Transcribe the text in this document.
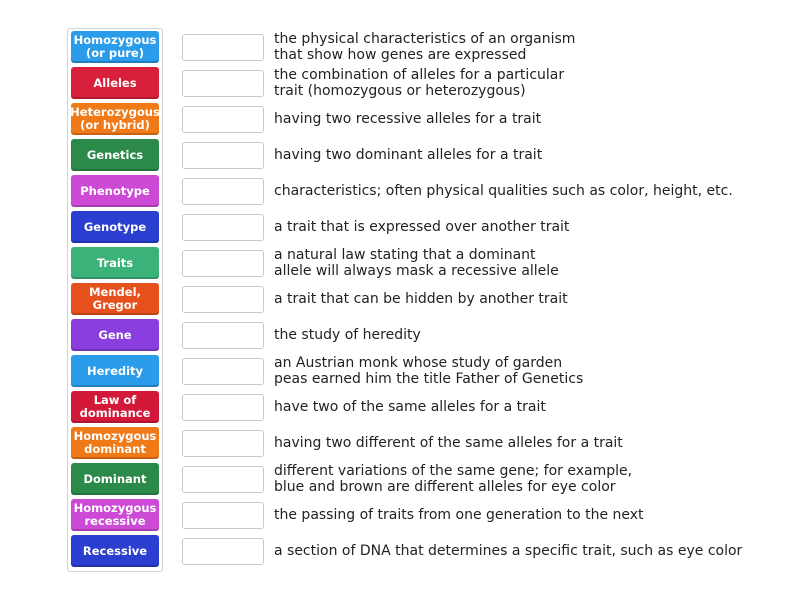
Homozygous (or pure)
Alleles
Heterozygous (or hybrid)
Genetics
Phenotype
Genotype
Traits
Mendel, Gregor
Gene
Heredity
Law of dominance
Homozygous dominant
Dominant
Homozygous recessive
Recessive
the physical characteristics of an organism
that show how genes are expressed
the combination of alleles for a particular
trait (homozygous or heterozygous)
having two recessive alleles for a trait
having two dominant alleles for a trait
characteristics; often physical qualities such as color, height, etc.
a trait that is expressed over another trait
a natural law stating that a dominant
allele will always mask a recessive allele
a trait that can be hidden by another trait
the study of heredity
an Austrian monk whose study of garden
peas earned him the title Father of Genetics
have two of the same alleles for a trait
having two different of the same alleles for a trait
different variations of the same gene; for example,
blue and brown are different alleles for eye color
the passing of traits from one generation to the next
a section of DNA that determines a specific trait, such as eye color
